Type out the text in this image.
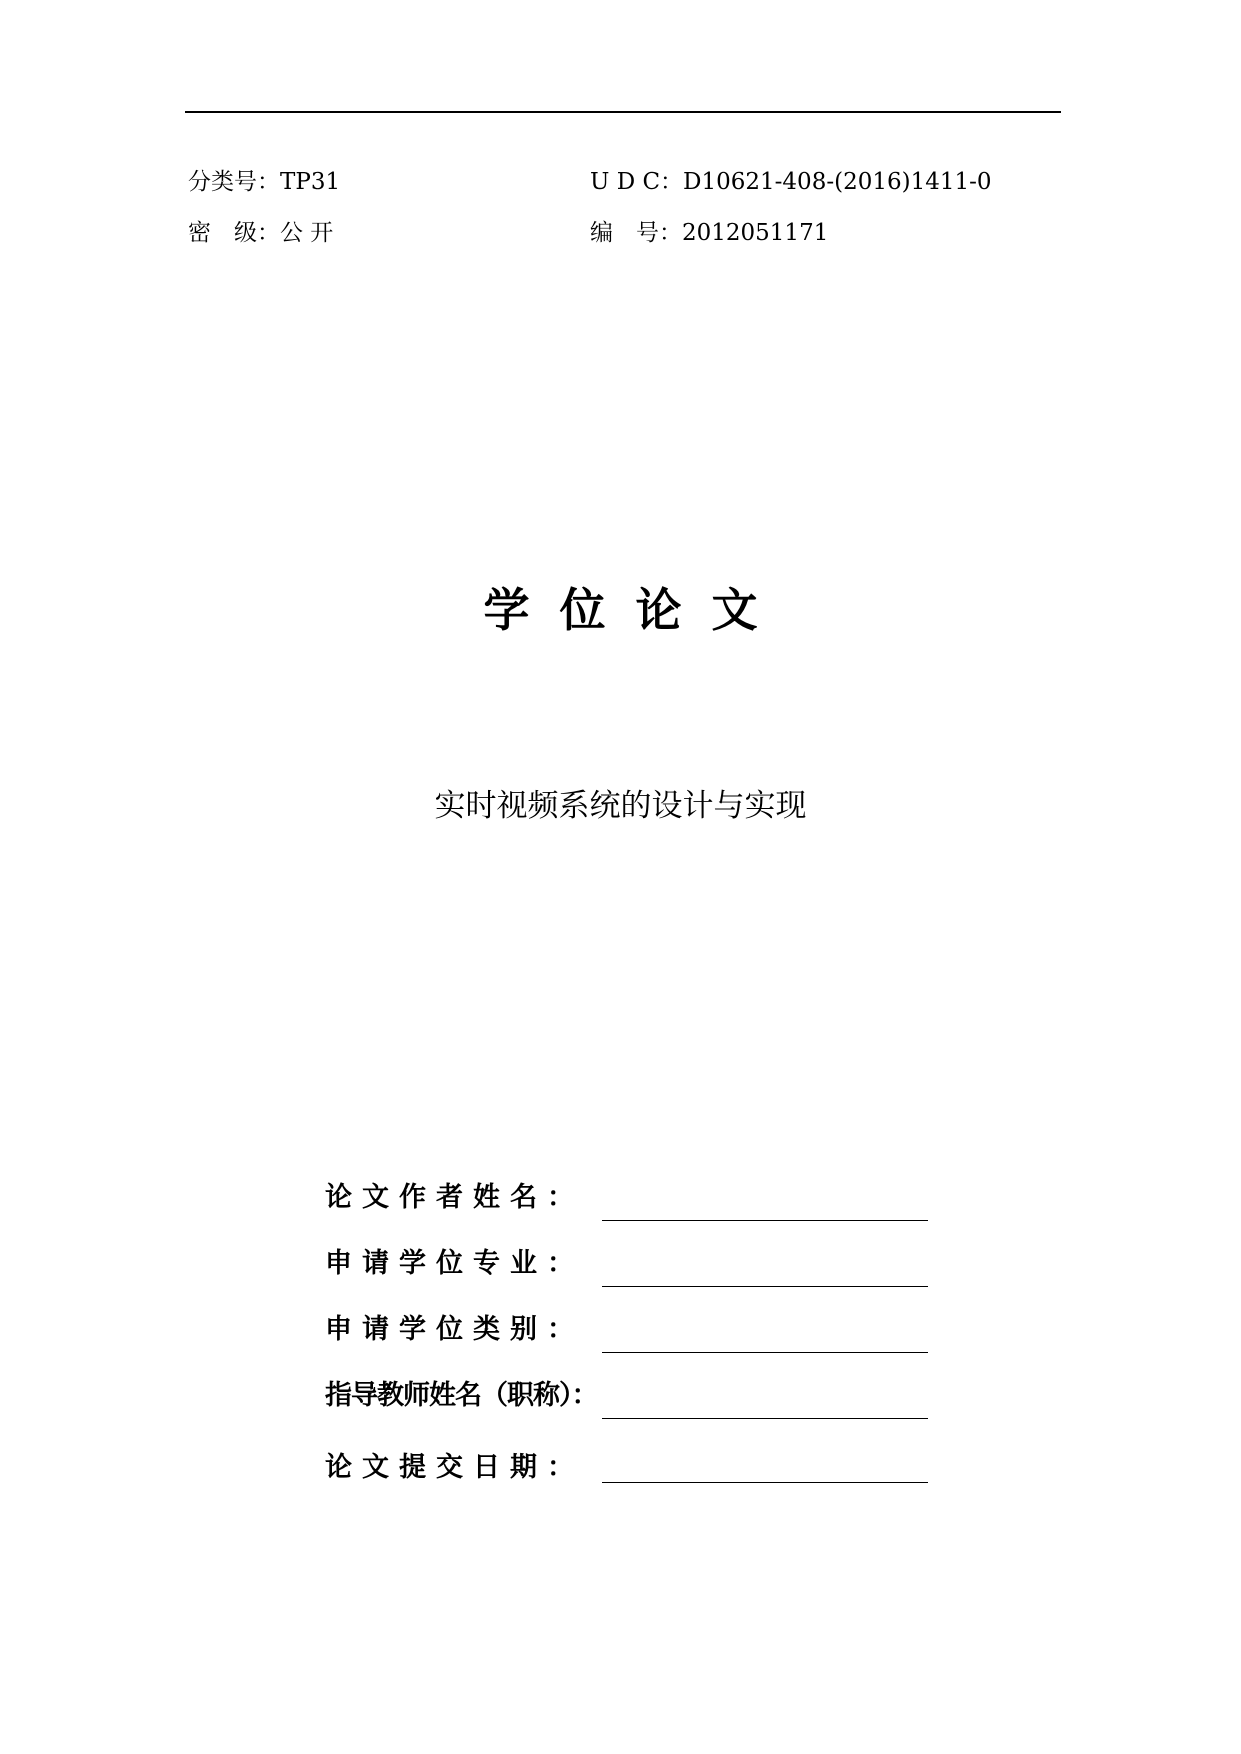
分类号：TP31
密　级：公 开
U D C：D10621-408-(2016)1411-0
编　号：2012051171
学位论文
实时视频系统的设计与实现
论文作者姓名：
申请学位专业：
申请学位类别：
指导教师姓名（职称）：
论文提交日期：
